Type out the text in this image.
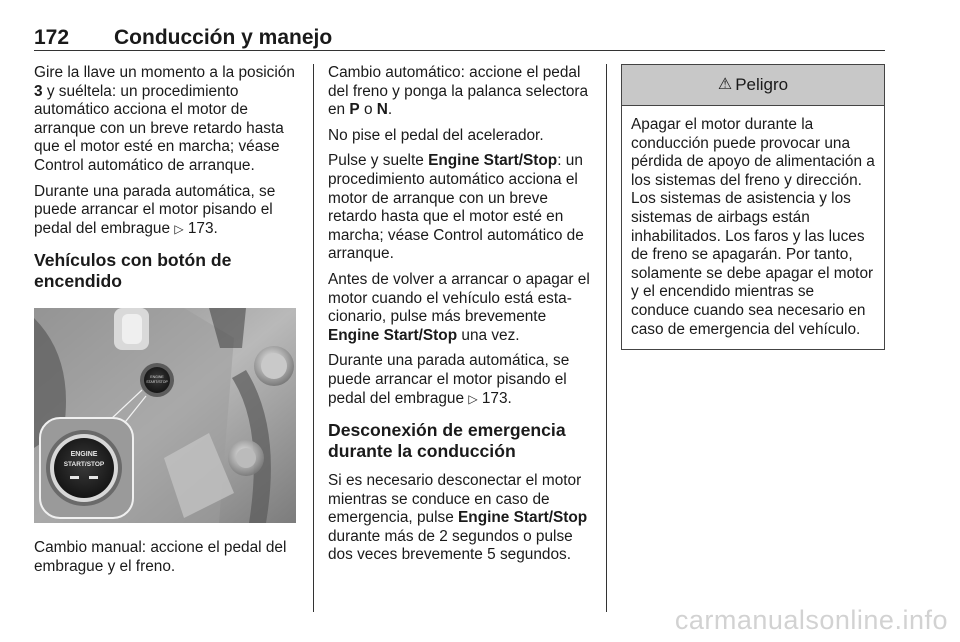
172 Conducción y manejo

Gire la llave un momento a la posición 3 y suéltela: un procedimiento automático acciona el motor de arranque con un breve retardo hasta que el motor esté en marcha; véase Control automático de arranque.

Durante una parada automática, se puede arrancar el motor pisando el pedal del embrague ▷ 173.

Vehículos con botón de encendido
ENGINE
START/STOP
ENGINE
START/STOP

Cambio manual: accione el pedal del embrague y el freno.

Cambio automático: accione el pedal del freno y ponga la palanca selectora en P o N.

No pise el pedal del acelerador.

Pulse y suelte Engine Start/Stop: un procedimiento automático acciona el motor de arranque con un breve retardo hasta que el motor esté en marcha; véase Control automático de arranque.

Antes de volver a arrancar o apagar el motor cuando el vehículo está estacionario, pulse más brevemente Engine Start/Stop una vez.

Durante una parada automática, se puede arrancar el motor pisando el pedal del embrague ▷ 173.

Desconexión de emergencia durante la conducción

Si es necesario desconectar el motor mientras se conduce en caso de emergencia, pulse Engine Start/Stop durante más de 2 segundos o pulse dos veces brevemente 5 segundos.

⚠ Peligro

Apagar el motor durante la conducción puede provocar una pérdida de apoyo de alimentación a los sistemas del freno y dirección. Los sistemas de asistencia y los sistemas de airbags están inhabilitados. Los faros y las luces de freno se apagarán. Por tanto, solamente se debe apagar el motor y el encendido mientras se conduce cuando sea necesario en caso de emergencia del vehículo.

carmanualsonline.info
